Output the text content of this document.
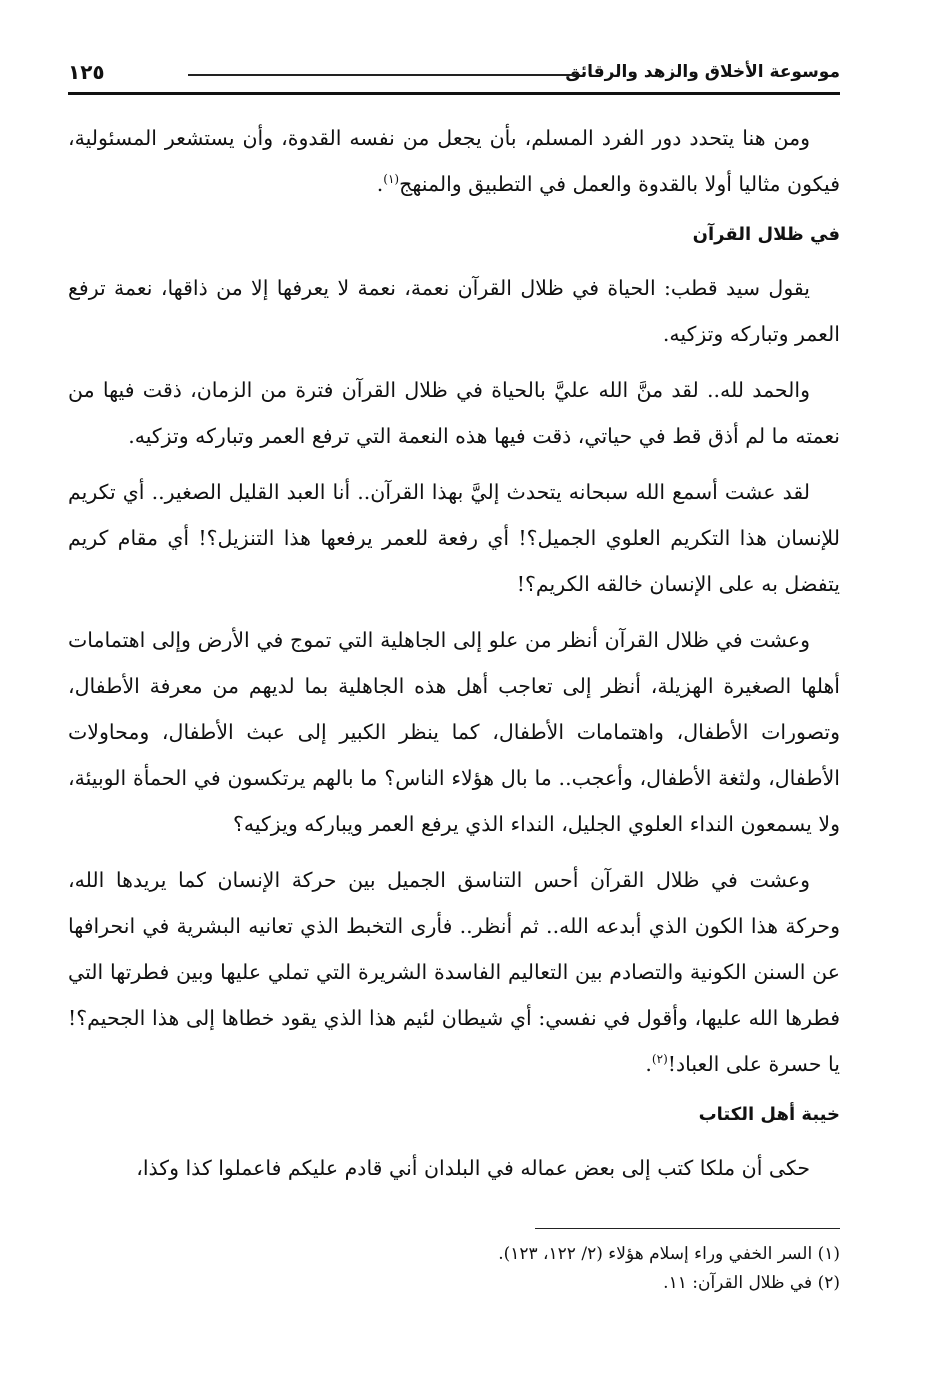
موسوعة الأخلاق والزهد والرقائق
١٢٥

ومن هنا يتحدد دور الفرد المسلم، بأن يجعل من نفسه القدوة، وأن يستشعر المسئولية، فيكون مثاليا أولا بالقدوة والعمل في التطبيق والمنهج$^{(١)}$.

في ظلال القرآن

يقول سيد قطب: الحياة في ظلال القرآن نعمة، نعمة لا يعرفها إلا من ذاقها، نعمة ترفع العمر وتباركه وتزكيه.

والحمد لله.. لقد منَّ الله عليَّ بالحياة في ظلال القرآن فترة من الزمان، ذقت فيها من نعمته ما لم أذق قط في حياتي، ذقت فيها هذه النعمة التي ترفع العمر وتباركه وتزكيه.

لقد عشت أسمع الله سبحانه يتحدث إليَّ بهذا القرآن.. أنا العبد القليل الصغير.. أي تكريم للإنسان هذا التكريم العلوي الجميل؟! أي رفعة للعمر يرفعها هذا التنزيل؟! أي مقام كريم يتفضل به على الإنسان خالقه الكريم؟!

وعشت في ظلال القرآن أنظر من علو إلى الجاهلية التي تموج في الأرض وإلى اهتمامات أهلها الصغيرة الهزيلة، أنظر إلى تعاجب أهل هذه الجاهلية بما لديهم من معرفة الأطفال، وتصورات الأطفال، واهتمامات الأطفال، كما ينظر الكبير إلى عبث الأطفال، ومحاولات الأطفال، ولثغة الأطفال، وأعجب.. ما بال هؤلاء الناس؟ ما بالهم يرتكسون في الحمأة الوبيئة، ولا يسمعون النداء العلوي الجليل، النداء الذي يرفع العمر ويباركه ويزكيه؟

وعشت في ظلال القرآن أحس التناسق الجميل بين حركة الإنسان كما يريدها الله، وحركة هذا الكون الذي أبدعه الله.. ثم أنظر.. فأرى التخبط الذي تعانيه البشرية في انحرافها عن السنن الكونية والتصادم بين التعاليم الفاسدة الشريرة التي تملي عليها وبين فطرتها التي فطرها الله عليها، وأقول في نفسي: أي شيطان لئيم هذا الذي يقود خطاها إلى هذا الجحيم؟! يا حسرة على العباد!$^{(٢)}$.

خيبة أهل الكتاب

حكى أن ملكا كتب إلى بعض عماله في البلدان أني قادم عليكم فاعملوا كذا وكذا،

(١) السر الخفي وراء إسلام هؤلاء (٢/ ١٢٢، ١٢٣).
(٢) في ظلال القرآن: ١١.
